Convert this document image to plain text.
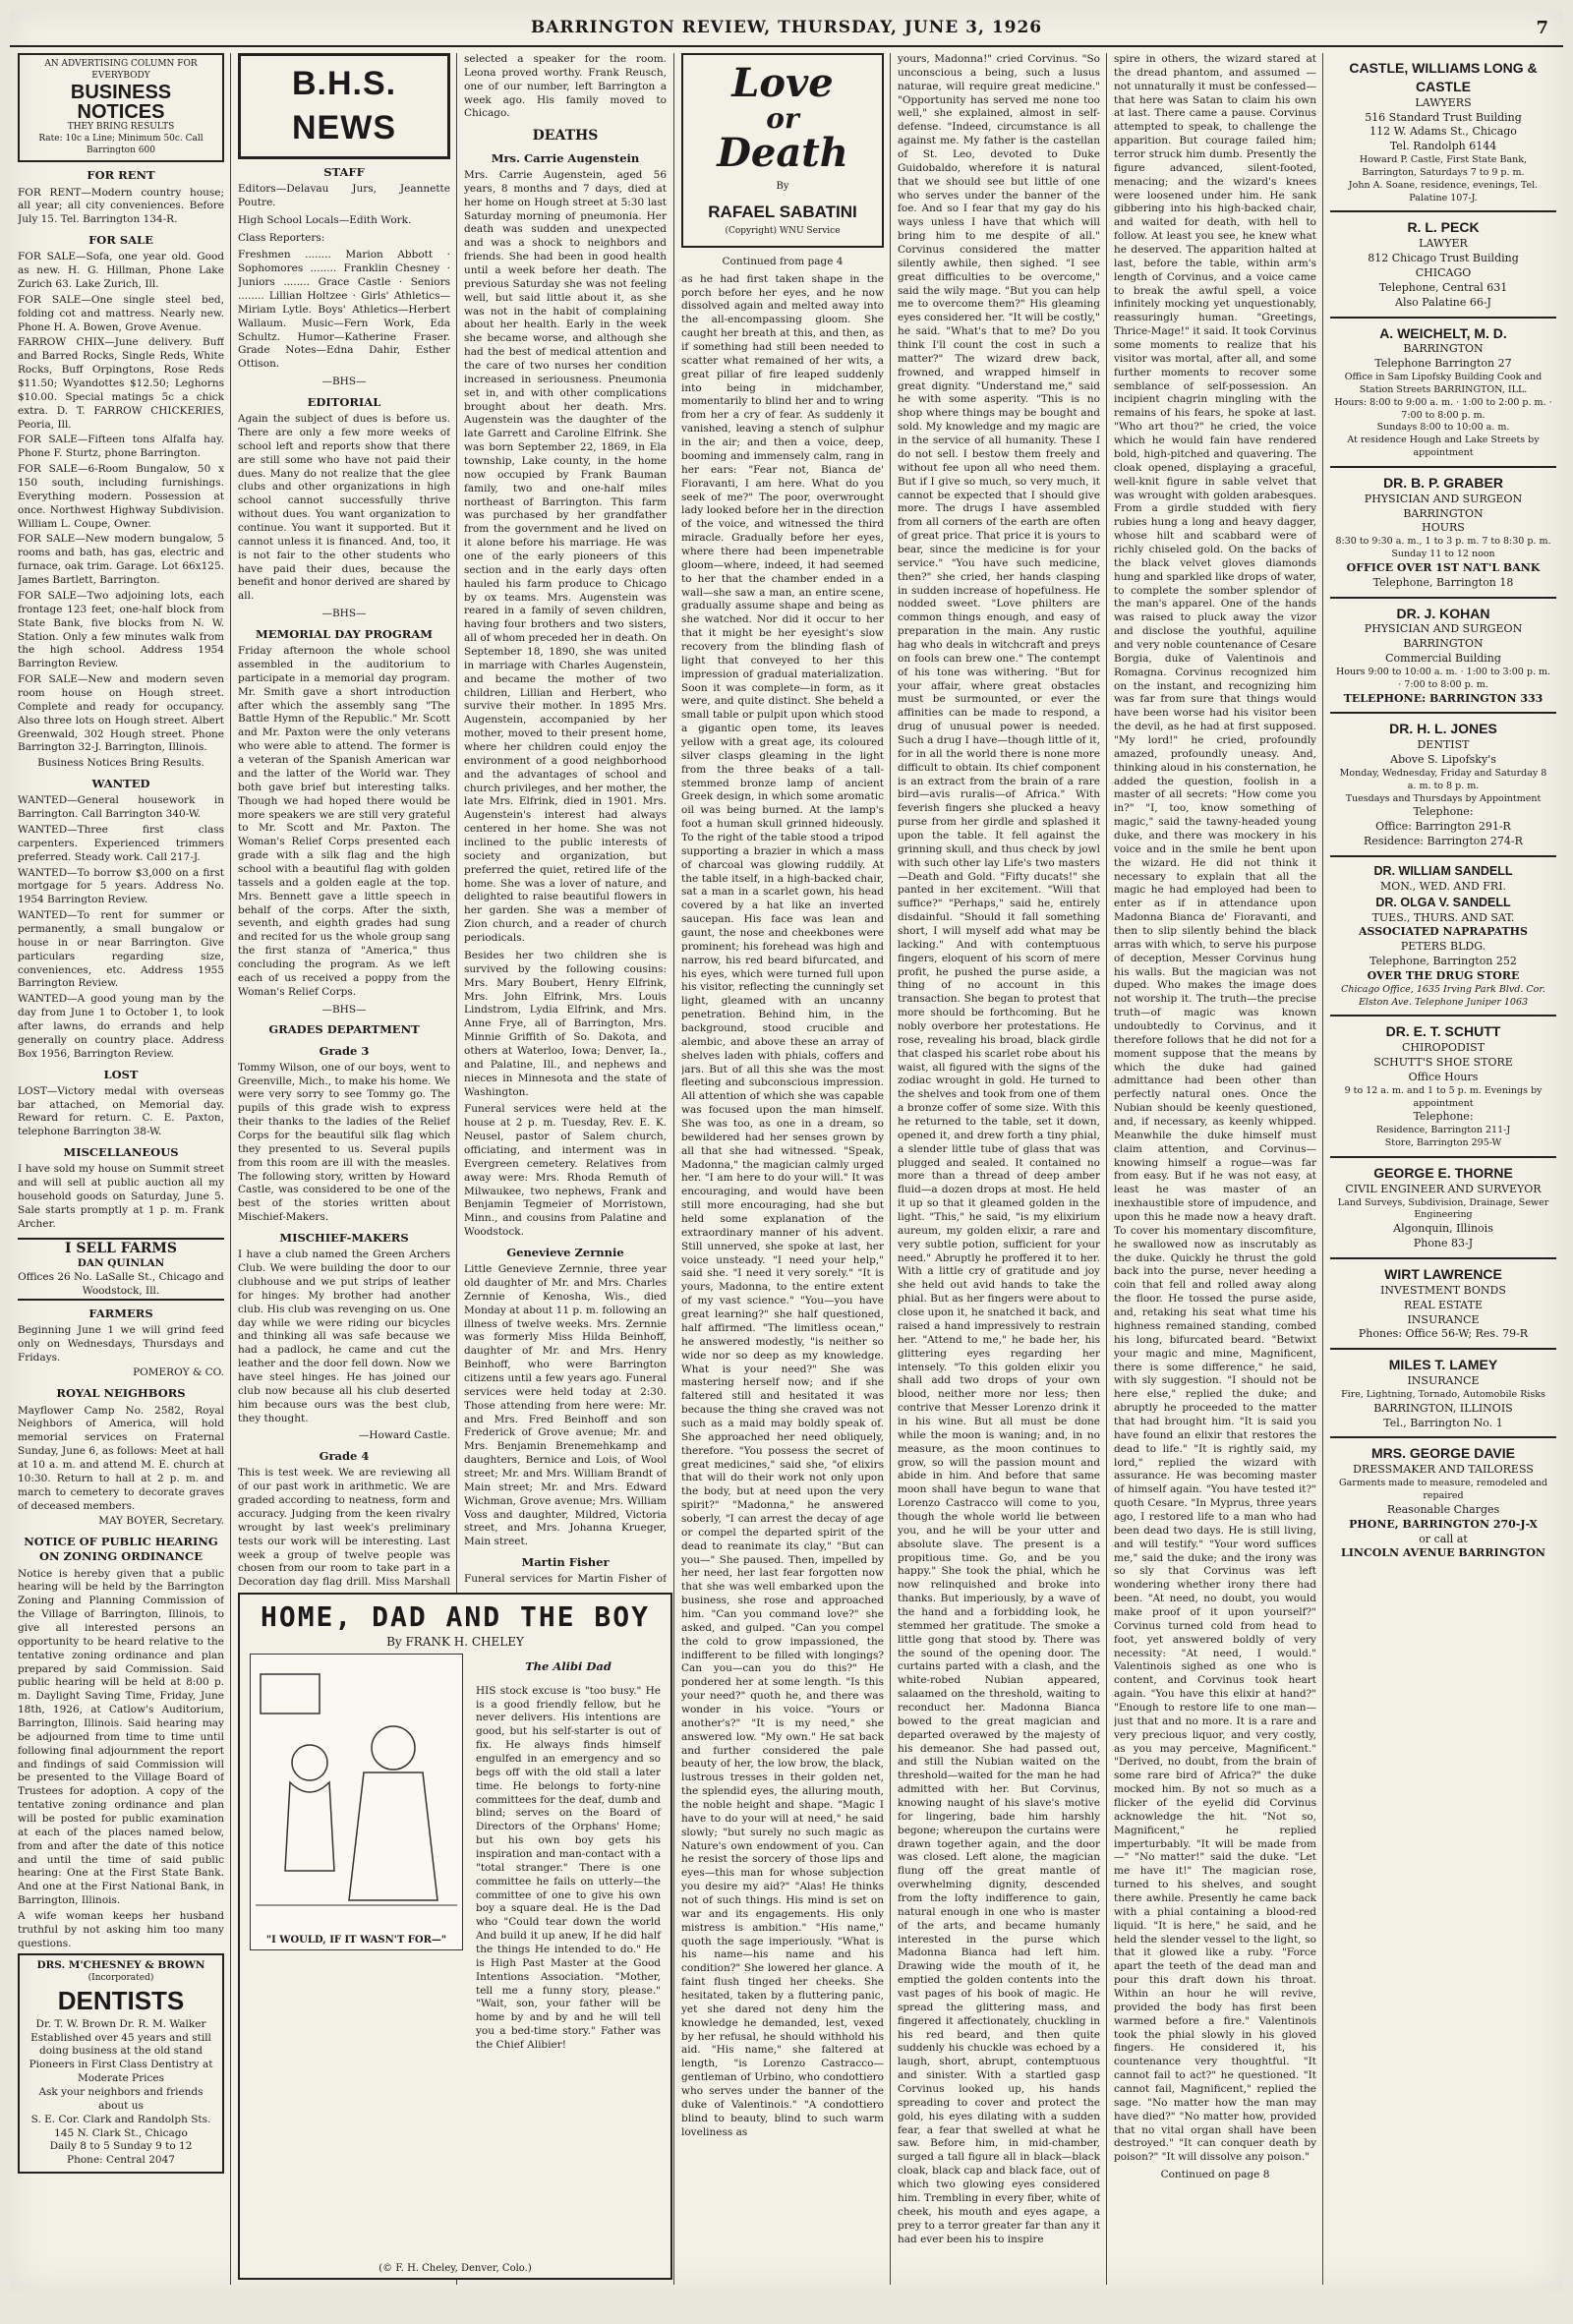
BARRINGTON REVIEW, THURSDAY, JUNE 3, 1926	7
AN ADVERTISING COLUMN FOR EVERYBODY
BUSINESS NOTICES
THEY BRING RESULTS
Rate: 10c a Line; Minimum 50c. Call Barrington 600
FOR RENT

FOR RENT—Modern country house; all year; all city conveniences. Before July 15. Tel. Barrington 134-R.

FOR SALE

FOR SALE—Sofa, one year old. Good as new. H. G. Hillman, Phone Lake Zurich 63. Lake Zurich, Ill.

FOR SALE—One single steel bed, folding cot and mattress. Nearly new. Phone H. A. Bowen, Grove Avenue.

FARROW CHIX—June delivery. Buff and Barred Rocks, Single Reds, White Rocks, Buff Orpingtons, Rose Reds $11.50; Wyandottes $12.50; Leghorns $10.00. Special matings 5c a chick extra. D. T. FARROW CHICKERIES, Peoria, Ill.

FOR SALE—Fifteen tons Alfalfa hay. Phone F. Sturtz, phone Barrington.

FOR SALE—6-Room Bungalow, 50 x 150 south, including furnishings. Everything modern. Possession at once. Northwest Highway Subdivision. William L. Coupe, Owner.

FOR SALE—New modern bungalow, 5 rooms and bath, has gas, electric and furnace, oak trim. Garage. Lot 66x125. James Bartlett, Barrington.

FOR SALE—Two adjoining lots, each frontage 123 feet, one-half block from State Bank, five blocks from N. W. Station. Only a few minutes walk from the high school. Address 1954 Barrington Review.

FOR SALE—New and modern seven room house on Hough street. Complete and ready for occupancy. Also three lots on Hough street. Albert Greenwald, 302 Hough street. Phone Barrington 32-J. Barrington, Illinois.

Business Notices Bring Results.

WANTED

WANTED—General housework in Barrington. Call Barrington 340-W.

WANTED—Three first class carpenters. Experienced trimmers preferred. Steady work. Call 217-J.

WANTED—To borrow $3,000 on a first mortgage for 5 years. Address No. 1954 Barrington Review.

WANTED—To rent for summer or permanently, a small bungalow or house in or near Barrington. Give particulars regarding size, conveniences, etc. Address 1955 Barrington Review.

WANTED—A good young man by the day from June 1 to October 1, to look after lawns, do errands and help generally on country place. Address Box 1956, Barrington Review.

LOST

LOST—Victory medal with overseas bar attached, on Memorial day. Reward for return. C. E. Paxton, telephone Barrington 38-W.

MISCELLANEOUS

I have sold my house on Summit street and will sell at public auction all my household goods on Saturday, June 5. Sale starts promptly at 1 p. m. Frank Archer.

I SELL FARMS
DAN QUINLAN
Offices 26 No. LaSalle St., Chicago and Woodstock, Ill.
FARMERS

Beginning June 1 we will grind feed only on Wednesdays, Thursdays and Fridays.

POMEROY & CO.

ROYAL NEIGHBORS

Mayflower Camp No. 2582, Royal Neighbors of America, will hold memorial services on Fraternal Sunday, June 6, as follows: Meet at hall at 10 a. m. and attend M. E. church at 10:30. Return to hall at 2 p. m. and march to cemetery to decorate graves of deceased members.

MAY BOYER, Secretary.

NOTICE OF PUBLIC HEARING ON ZONING ORDINANCE

Notice is hereby given that a public hearing will be held by the Barrington Zoning and Planning Commission of the Village of Barrington, Illinois, to give all interested persons an opportunity to be heard relative to the tentative zoning ordinance and plan prepared by said Commission. Said public hearing will be held at 8:00 p. m. Daylight Saving Time, Friday, June 18th, 1926, at Catlow's Auditorium, Barrington, Illinois. Said hearing may be adjourned from time to time until following final adjournment the report and findings of said Commission will be presented to the Village Board of Trustees for adoption. A copy of the tentative zoning ordinance and plan will be posted for public examination at each of the places named below, from and after the date of this notice and until the time of said public hearing: One at the First State Bank. And one at the First National Bank, in Barrington, Illinois.

A wife woman keeps her husband truthful by not asking him too many questions.

DRS. M'CHESNEY & BROWN
(Incorporated)
DENTISTS
Dr. T. W. Brown Dr. R. M. Walker
Established over 45 years and still doing business at the old stand
Pioneers in First Class Dentistry at Moderate Prices
Ask your neighbors and friends about us
S. E. Cor. Clark and Randolph Sts. 145 N. Clark St., Chicago
Daily 8 to 5 Sunday 9 to 12
Phone: Central 2047
B.H.S. NEWS
STAFF

Editors—Delavau Jurs, Jeannette Poutre.

High School Locals—Edith Work.

Class Reporters:

Freshmen ........ Marion Abbott · Sophomores ........ Franklin Chesney · Juniors ........ Grace Castle · Seniors ........ Lillian Holtzee · Girls' Athletics—Miriam Lytle. Boys' Athletics—Herbert Wallaum. Music—Fern Work, Eda Schultz. Humor—Katherine Fraser. Grade Notes—Edna Dahir, Esther Ottison.

—BHS—
EDITORIAL

Again the subject of dues is before us. There are only a few more weeks of school left and reports show that there are still some who have not paid their dues. Many do not realize that the glee clubs and other organizations in high school cannot successfully thrive without dues. You want organization to continue. You want it supported. But it cannot unless it is financed. And, too, it is not fair to the other students who have paid their dues, because the benefit and honor derived are shared by all.

—BHS—
MEMORIAL DAY PROGRAM

Friday afternoon the whole school assembled in the auditorium to participate in a memorial day program. Mr. Smith gave a short introduction after which the assembly sang "The Battle Hymn of the Republic." Mr. Scott and Mr. Paxton were the only veterans who were able to attend. The former is a veteran of the Spanish American war and the latter of the World war. They both gave brief but interesting talks. Though we had hoped there would be more speakers we are still very grateful to Mr. Scott and Mr. Paxton. The Woman's Relief Corps presented each grade with a silk flag and the high school with a beautiful flag with golden tassels and a golden eagle at the top. Mrs. Bennett gave a little speech in behalf of the corps. After the sixth, seventh, and eighth grades had sung and recited for us the whole group sang the first stanza of "America," thus concluding the program. As we left each of us received a poppy from the Woman's Relief Corps.

—BHS—
GRADES DEPARTMENT
Grade 3

Tommy Wilson, one of our boys, went to Greenville, Mich., to make his home. We were very sorry to see Tommy go. The pupils of this grade wish to express their thanks to the ladies of the Relief Corps for the beautiful silk flag which they presented to us. Several pupils from this room are ill with the measles. The following story, written by Howard Castle, was considered to be one of the best of the stories written about Mischief-Makers.

MISCHIEF-MAKERS

I have a club named the Green Archers Club. We were building the door to our clubhouse and we put strips of leather for hinges. My brother had another club. His club was revenging on us. One day while we were riding our bicycles and thinking all was safe because we had a padlock, he came and cut the leather and the door fell down. Now we have steel hinges. He has joined our club now because all his club deserted him because ours was the best club, they thought.

—Howard Castle.

Grade 4

This is test week. We are reviewing all of our past work in arithmetic. We are graded according to neatness, form and accuracy. Judging from the keen rivalry wrought by last week's preliminary tests our work will be interesting. Last week a group of twelve people was chosen from our room to take part in a Decoration day flag drill. Miss Marshall

selected a speaker for the room. Leona proved worthy. Frank Reusch, one of our number, left Barrington a week ago. His family moved to Chicago.

DEATHS
Mrs. Carrie Augenstein

Mrs. Carrie Augenstein, aged 56 years, 8 months and 7 days, died at her home on Hough street at 5:30 last Saturday morning of pneumonia. Her death was sudden and unexpected and was a shock to neighbors and friends. She had been in good health until a week before her death. The previous Saturday she was not feeling well, but said little about it, as she was not in the habit of complaining about her health. Early in the week she became worse, and although she had the best of medical attention and the care of two nurses her condition increased in seriousness. Pneumonia set in, and with other complications brought about her death. Mrs. Augenstein was the daughter of the late Garrett and Caroline Elfrink. She was born September 22, 1869, in Ela township, Lake county, in the home now occupied by Frank Bauman family, two and one-half miles northeast of Barrington. This farm was purchased by her grandfather from the government and he lived on it alone before his marriage. He was one of the early pioneers of this section and in the early days often hauled his farm produce to Chicago by ox teams. Mrs. Augenstein was reared in a family of seven children, having four brothers and two sisters, all of whom preceded her in death. On September 18, 1890, she was united in marriage with Charles Augenstein, and became the mother of two children, Lillian and Herbert, who survive their mother. In 1895 Mrs. Augenstein, accompanied by her mother, moved to their present home, where her children could enjoy the environment of a good neighborhood and the advantages of school and church privileges, and her mother, the late Mrs. Elfrink, died in 1901. Mrs. Augenstein's interest had always centered in her home. She was not inclined to the public interests of society and organization, but preferred the quiet, retired life of the home. She was a lover of nature, and delighted to raise beautiful flowers in her garden. She was a member of Zion church, and a reader of church periodicals.

Besides her two children she is survived by the following cousins: Mrs. Mary Boubert, Henry Elfrink, Mrs. John Elfrink, Mrs. Louis Lindstrom, Lydia Elfrink, and Mrs. Anne Frye, all of Barrington, Mrs. Minnie Griffith of So. Dakota, and others at Waterloo, Iowa; Denver, Ia., and Palatine, Ill., and nephews and nieces in Minnesota and the state of Washington.

Funeral services were held at the house at 2 p. m. Tuesday, Rev. E. K. Neusel, pastor of Salem church, officiating, and interment was in Evergreen cemetery. Relatives from away were: Mrs. Rhoda Remuth of Milwaukee, two nephews, Frank and Benjamin Tegmeier of Morristown, Minn., and cousins from Palatine and Woodstock.

Genevieve Zernnie

Little Genevieve Zernnie, three year old daughter of Mr. and Mrs. Charles Zernnie of Kenosha, Wis., died Monday at about 11 p. m. following an illness of twelve weeks. Mrs. Zernnie was formerly Miss Hilda Beinhoff, daughter of Mr. and Mrs. Henry Beinhoff, who were Barrington citizens until a few years ago. Funeral services were held today at 2:30. Those attending from here were: Mr. and Mrs. Fred Beinhoff and son Frederick of Grove avenue; Mr. and Mrs. Benjamin Brenemehkamp and daughters, Bernice and Lois, of Wool street; Mr. and Mrs. William Brandt of Main street; Mr. and Mrs. Edward Wichman, Grove avenue; Mrs. William Voss and daughter, Mildred, Victoria street, and Mrs. Johanna Krueger, Main street.

Martin Fisher

Funeral services for Martin Fisher of

HOME, DAD AND THE BOY
By FRANK H. CHELEY
"I WOULD, IF IT WASN'T FOR—"
The Alibi Dad

HIS stock excuse is "too busy." He is a good friendly fellow, but he never delivers. His intentions are good, but his self-starter is out of fix. He always finds himself engulfed in an emergency and so begs off with the old stall a later time. He belongs to forty-nine committees for the deaf, dumb and blind; serves on the Board of Directors of the Orphans' Home; but his own boy gets his inspiration and man-contact with a "total stranger." There is one committee he fails on utterly—the committee of one to give his own boy a square deal. He is the Dad who "Could tear down the world And build it up anew, If he did half the things He intended to do." He is High Past Master at the Good Intentions Association. "Mother, tell me a funny story, please." "Wait, son, your father will be home by and by and he will tell you a bed-time story." Father was the Chief Alibier!

(© F. H. Cheley, Denver, Colo.)
Love
or
Death
By
RAFAEL SABATINI
(Copyright) WNU Service

Continued from page 4

as he had first taken shape in the porch before her eyes, and he now dissolved again and melted away into the all-encompassing gloom. She caught her breath at this, and then, as if something had still been needed to scatter what remained of her wits, a great pillar of fire leaped suddenly into being in midchamber, momentarily to blind her and to wring from her a cry of fear. As suddenly it vanished, leaving a stench of sulphur in the air; and then a voice, deep, booming and immensely calm, rang in her ears: "Fear not, Bianca de' Fioravanti, I am here. What do you seek of me?" The poor, overwrought lady looked before her in the direction of the voice, and witnessed the third miracle. Gradually before her eyes, where there had been impenetrable gloom—where, indeed, it had seemed to her that the chamber ended in a wall—she saw a man, an entire scene, gradually assume shape and being as she watched. Nor did it occur to her that it might be her eyesight's slow recovery from the blinding flash of light that conveyed to her this impression of gradual materialization. Soon it was complete—in form, as it were, and quite distinct. She beheld a small table or pulpit upon which stood a gigantic open tome, its leaves yellow with a great age, its coloured silver clasps gleaming in the light from the three beaks of a tall-stemmed bronze lamp of ancient Greek design, in which some aromatic oil was being burned. At the lamp's foot a human skull grinned hideously. To the right of the table stood a tripod supporting a brazier in which a mass of charcoal was glowing ruddily. At the table itself, in a high-backed chair, sat a man in a scarlet gown, his head covered by a hat like an inverted saucepan. His face was lean and gaunt, the nose and cheekbones were prominent; his forehead was high and narrow, his red beard bifurcated, and his eyes, which were turned full upon his visitor, reflecting the cunningly set light, gleamed with an uncanny penetration. Behind him, in the background, stood crucible and alembic, and above these an array of shelves laden with phials, coffers and jars. But of all this she was the most fleeting and subconscious impression. All attention of which she was capable was focused upon the man himself. She was too, as one in a dream, so bewildered had her senses grown by all that she had witnessed. "Speak, Madonna," the magician calmly urged her. "I am here to do your will." It was encouraging, and would have been still more encouraging, had she but held some explanation of the extraordinary manner of his advent. Still unnerved, she spoke at last, her voice unsteady. "I need your help," said she. "I need it very sorely." "It is yours, Madonna, to the entire extent of my vast science." "You—you have great learning?" she half questioned, half affirmed. "The limitless ocean," he answered modestly, "is neither so wide nor so deep as my knowledge. What is your need?" She was mastering herself now; and if she faltered still and hesitated it was because the thing she craved was not such as a maid may boldly speak of. She approached her need obliquely, therefore. "You possess the secret of great medicines," said she, "of elixirs that will do their work not only upon the body, but at need upon the very spirit?" "Madonna," he answered soberly, "I can arrest the decay of age or compel the departed spirit of the dead to reanimate its clay," "But can you—" She paused. Then, impelled by her need, her last fear forgotten now that she was well embarked upon the business, she rose and approached him. "Can you command love?" she asked, and gulped. "Can you compel the cold to grow impassioned, the indifferent to be filled with longings? Can you—can you do this?" He pondered her at some length. "Is this your need?" quoth he, and there was wonder in his voice. "Yours or another's?" "It is my need," she answered low. "My own." He sat back and further considered the pale beauty of her, the low brow, the black, lustrous tresses in their golden net, the splendid eyes, the alluring mouth, the noble height and shape. "Magic I have to do your will at need," he said slowly; "but surely no such magic as Nature's own endowment of you. Can he resist the sorcery of those lips and eyes—this man for whose subjection you desire my aid?" "Alas! He thinks not of such things. His mind is set on war and its engagements. His only mistress is ambition." "His name," quoth the sage imperiously. "What is his name—his name and his condition?" She lowered her glance. A faint flush tinged her cheeks. She hesitated, taken by a fluttering panic, yet she dared not deny him the knowledge he demanded, lest, vexed by her refusal, he should withhold his aid. "His name," she faltered at length, "is Lorenzo Castracco—gentleman of Urbino, who condottiero who serves under the banner of the duke of Valentinois." "A condottiero blind to beauty, blind to such warm loveliness as

yours, Madonna!" cried Corvinus. "So unconscious a being, such a lusus naturae, will require great medicine." "Opportunity has served me none too well," she explained, almost in self-defense. "Indeed, circumstance is all against me. My father is the castellan of St. Leo, devoted to Duke Guidobaldo, wherefore it is natural that we should see but little of one who serves under the banner of the foe. And so I fear that my gay do his ways unless I have that which will bring him to me despite of all." Corvinus considered the matter silently awhile, then sighed. "I see great difficulties to be overcome," said the wily mage. "But you can help me to overcome them?" His gleaming eyes considered her. "It will be costly," he said. "What's that to me? Do you think I'll count the cost in such a matter?" The wizard drew back, frowned, and wrapped himself in great dignity. "Understand me," said he with some asperity. "This is no shop where things may be bought and sold. My knowledge and my magic are in the service of all humanity. These I do not sell. I bestow them freely and without fee upon all who need them. But if I give so much, so very much, it cannot be expected that I should give more. The drugs I have assembled from all corners of the earth are often of great price. That price it is yours to bear, since the medicine is for your service." "You have such medicine, then?" she cried, her hands clasping in sudden increase of hopefulness. He nodded sweet. "Love philters are common things enough, and easy of preparation in the main. Any rustic hag who deals in witchcraft and preys on fools can brew one." The contempt of his tone was withering. "But for your affair, where great obstacles must be surmounted, or ever the affinities can be made to respond, a drug of unusual power is needed. Such a drug I have—though little of it, for in all the world there is none more difficult to obtain. Its chief component is an extract from the brain of a rare bird—avis ruralis—of Africa." With feverish fingers she plucked a heavy purse from her girdle and splashed it upon the table. It fell against the grinning skull, and thus check by jowl with such other lay Life's two masters—Death and Gold. "Fifty ducats!" she panted in her excitement. "Will that suffice?" "Perhaps," said he, entirely disdainful. "Should it fall something short, I will myself add what may be lacking." And with contemptuous fingers, eloquent of his scorn of mere profit, he pushed the purse aside, a thing of no account in this transaction. She began to protest that more should be forthcoming. But he nobly overbore her protestations. He rose, revealing his broad, black girdle that clasped his scarlet robe about his waist, all figured with the signs of the zodiac wrought in gold. He turned to the shelves and took from one of them a bronze coffer of some size. With this he returned to the table, set it down, opened it, and drew forth a tiny phial, a slender little tube of glass that was plugged and sealed. It contained no more than a thread of deep amber fluid—a dozen drops at most. He held it up so that it gleamed golden in the light. "This," he said, "is my elixirium aureum, my golden elixir, a rare and very subtle potion, sufficient for your need." Abruptly he proffered it to her. With a little cry of gratitude and joy she held out avid hands to take the phial. But as her fingers were about to close upon it, he snatched it back, and raised a hand impressively to restrain her. "Attend to me," he bade her, his glittering eyes regarding her intensely. "To this golden elixir you shall add two drops of your own blood, neither more nor less; then contrive that Messer Lorenzo drink it in his wine. But all must be done while the moon is waning; and, in no measure, as the moon continues to grow, so will the passion mount and abide in him. And before that same moon shall have begun to wane that Lorenzo Castracco will come to you, though the whole world lie between you, and he will be your utter and absolute slave. The present is a propitious time. Go, and be you happy." She took the phial, which he now relinquished and broke into thanks. But imperiously, by a wave of the hand and a forbidding look, he stemmed her gratitude. The smoke a little gong that stood by. There was the sound of the opening door. The curtains parted with a clash, and the white-robed Nubian appeared, salaamed on the threshold, waiting to reconduct her. Madonna Bianca bowed to the great magician and departed overawed by the majesty of his demeanor. She had passed out, and still the Nubian waited on the threshold—waited for the man he had admitted with her. But Corvinus, knowing naught of his slave's motive for lingering, bade him harshly begone; whereupon the curtains were drawn together again, and the door was closed. Left alone, the magician flung off the great mantle of overwhelming dignity, descended from the lofty indifference to gain, natural enough in one who is master of the arts, and became humanly interested in the purse which Madonna Bianca had left him. Drawing wide the mouth of it, he emptied the golden contents into the vast pages of his book of magic. He spread the glittering mass, and fingered it affectionately, chuckling in his red beard, and then quite suddenly his chuckle was echoed by a laugh, short, abrupt, contemptuous and sinister. With a startled gasp Corvinus looked up, his hands spreading to cover and protect the gold, his eyes dilating with a sudden fear, a fear that swelled at what he saw. Before him, in mid-chamber, surged a tall figure all in black—black cloak, black cap and black face, out of which two glowing eyes considered him. Trembling in every fiber, white of cheek, his mouth and eyes agape, a prey to a terror greater far than any it had ever been his to inspire

spire in others, the wizard stared at the dread phantom, and assumed —not unnaturally it must be confessed—that here was Satan to claim his own at last. There came a pause. Corvinus attempted to speak, to challenge the apparition. But courage failed him; terror struck him dumb. Presently the figure advanced, silent-footed, menacing; and the wizard's knees were loosened under him. He sank gibbering into his high-backed chair, and waited for death, with hell to follow. At least you see, he knew what he deserved. The apparition halted at last, before the table, within arm's length of Corvinus, and a voice came to break the awful spell, a voice infinitely mocking yet unquestionably, reassuringly human. "Greetings, Thrice-Mage!" it said. It took Corvinus some moments to realize that his visitor was mortal, after all, and some further moments to recover some semblance of self-possession. An incipient chagrin mingling with the remains of his fears, he spoke at last. "Who art thou?" he cried, the voice which he would fain have rendered bold, high-pitched and quavering. The cloak opened, displaying a graceful, well-knit figure in sable velvet that was wrought with golden arabesques. From a girdle studded with fiery rubies hung a long and heavy dagger, whose hilt and scabbard were of richly chiseled gold. On the backs of the black velvet gloves diamonds hung and sparkled like drops of water, to complete the somber splendor of the man's apparel. One of the hands was raised to pluck away the vizor and disclose the youthful, aquiline and very noble countenance of Cesare Borgia, duke of Valentinois and Romagna. Corvinus recognized him on the instant, and recognizing him was far from sure that things would have been worse had his visitor been the devil, as he had at first supposed. "My lord!" he cried, profoundly amazed, profoundly uneasy. And, thinking aloud in his consternation, he added the question, foolish in a master of all secrets: "How come you in?" "I, too, know something of magic," said the tawny-headed young duke, and there was mockery in his voice and in the smile he bent upon the wizard. He did not think it necessary to explain that all the magic he had employed had been to enter as if in attendance upon Madonna Bianca de' Fioravanti, and then to slip silently behind the black arras with which, to serve his purpose of deception, Messer Corvinus hung his walls. But the magician was not duped. Who makes the image does not worship it. The truth—the precise truth—of magic was known undoubtedly to Corvinus, and it therefore follows that he did not for a moment suppose that the means by which the duke had gained admittance had been other than perfectly natural ones. Once the Nubian should be keenly questioned, and, if necessary, as keenly whipped. Meanwhile the duke himself must claim attention, and Corvinus—knowing himself a rogue—was far from easy. But if he was not easy, at least he was master of an inexhaustible store of impudence, and upon this he made now a heavy draft. To cover his momentary discomfiture, he swallowed now as inscrutably as the duke. Quickly he thrust the gold back into the purse, never heeding a coin that fell and rolled away along the floor. He tossed the purse aside, and, retaking his seat what time his highness remained standing, combed his long, bifurcated beard. "Betwixt your magic and mine, Magnificent, there is some difference," he said, with sly suggestion. "I should not be here else," replied the duke; and abruptly he proceeded to the matter that had brought him. "It is said you have found an elixir that restores the dead to life." "It is rightly said, my lord," replied the wizard with assurance. He was becoming master of himself again. "You have tested it?" quoth Cesare. "In Myprus, three years ago, I restored life to a man who had been dead two days. He is still living, and will testify." "Your word suffices me," said the duke; and the irony was so sly that Corvinus was left wondering whether irony there had been. "At need, no doubt, you would make proof of it upon yourself?" Corvinus turned cold from head to foot, yet answered boldly of very necessity: "At need, I would." Valentinois sighed as one who is content, and Corvinus took heart again. "You have this elixir at hand?" "Enough to restore life to one man—just that and no more. It is a rare and very precious liquor, and very costly, as you may perceive, Magnificent." "Derived, no doubt, from the brain of some rare bird of Africa?" the duke mocked him. By not so much as a flicker of the eyelid did Corvinus acknowledge the hit. "Not so, Magnificent," he replied imperturbably. "It will be made from—" "No matter!" said the duke. "Let me have it!" The magician rose, turned to his shelves, and sought there awhile. Presently he came back with a phial containing a blood-red liquid. "It is here," he said, and he held the slender vessel to the light, so that it glowed like a ruby. "Force apart the teeth of the dead man and pour this draft down his throat. Within an hour he will revive, provided the body has first been warmed before a fire." Valentinois took the phial slowly in his gloved fingers. He considered it, his countenance very thoughtful. "It cannot fail to act?" he questioned. "It cannot fail, Magnificent," replied the sage. "No matter how the man may have died?" "No matter how, provided that no vital organ shall have been destroyed." "It can conquer death by poison?" "It will dissolve any poison."

Continued on page 8

CASTLE, WILLIAMS LONG & CASTLE
LAWYERS
516 Standard Trust Building
112 W. Adams St., Chicago
Tel. Randolph 6144
Howard P. Castle, First State Bank, Barrington, Saturdays 7 to 9 p. m.
John A. Soane, residence, evenings, Tel. Palatine 107-J.
R. L. PECK
LAWYER
812 Chicago Trust Building
CHICAGO
Telephone, Central 631
Also Palatine 66-J
A. WEICHELT, M. D.
BARRINGTON
Telephone Barrington 27
Office in Sam Lipofsky Building Cook and Station Streets BARRINGTON, ILL.
Hours: 8:00 to 9:00 a. m. · 1:00 to 2:00 p. m. · 7:00 to 8:00 p. m.
Sundays 8:00 to 10:00 a. m.
At residence Hough and Lake Streets by appointment
DR. B. P. GRABER
PHYSICIAN AND SURGEON
BARRINGTON
HOURS
8:30 to 9:30 a. m., 1 to 3 p. m. 7 to 8:30 p. m.
Sunday 11 to 12 noon
OFFICE OVER 1ST NAT'L BANK
Telephone, Barrington 18
DR. J. KOHAN
PHYSICIAN AND SURGEON
BARRINGTON
Commercial Building
Hours 9:00 to 10:00 a. m. · 1:00 to 3:00 p. m. · 7:00 to 8:00 p. m.
TELEPHONE: BARRINGTON 333
DR. H. L. JONES
DENTIST
Above S. Lipofsky's
Monday, Wednesday, Friday and Saturday 8 a. m. to 8 p. m.
Tuesdays and Thursdays by Appointment
Telephone:
Office: Barrington 291-R
Residence: Barrington 274-R
DR. WILLIAM SANDELL
MON., WED. AND FRI.
DR. OLGA V. SANDELL
TUES., THURS. AND SAT.
ASSOCIATED NAPRAPATHS
PETERS BLDG.
Telephone, Barrington 252
OVER THE DRUG STORE
Chicago Office, 1635 Irving Park Blvd. Cor. Elston Ave. Telephone Juniper 1063
DR. E. T. SCHUTT
CHIROPODIST
SCHUTT'S SHOE STORE
Office Hours
9 to 12 a. m. and 1 to 5 p. m. Evenings by appointment
Telephone:
Residence, Barrington 211-J
Store, Barrington 295-W
GEORGE E. THORNE
CIVIL ENGINEER AND SURVEYOR
Land Surveys, Subdivision, Drainage, Sewer Engineering
Algonquin, Illinois
Phone 83-J
WIRT LAWRENCE
INVESTMENT BONDS
REAL ESTATE
INSURANCE
Phones: Office 56-W; Res. 79-R
MILES T. LAMEY
INSURANCE
Fire, Lightning, Tornado, Automobile Risks
BARRINGTON, ILLINOIS
Tel., Barrington No. 1
MRS. GEORGE DAVIE
DRESSMAKER AND TAILORESS
Garments made to measure, remodeled and repaired
Reasonable Charges
PHONE, BARRINGTON 270-J-X
or call at
LINCOLN AVENUE BARRINGTON
